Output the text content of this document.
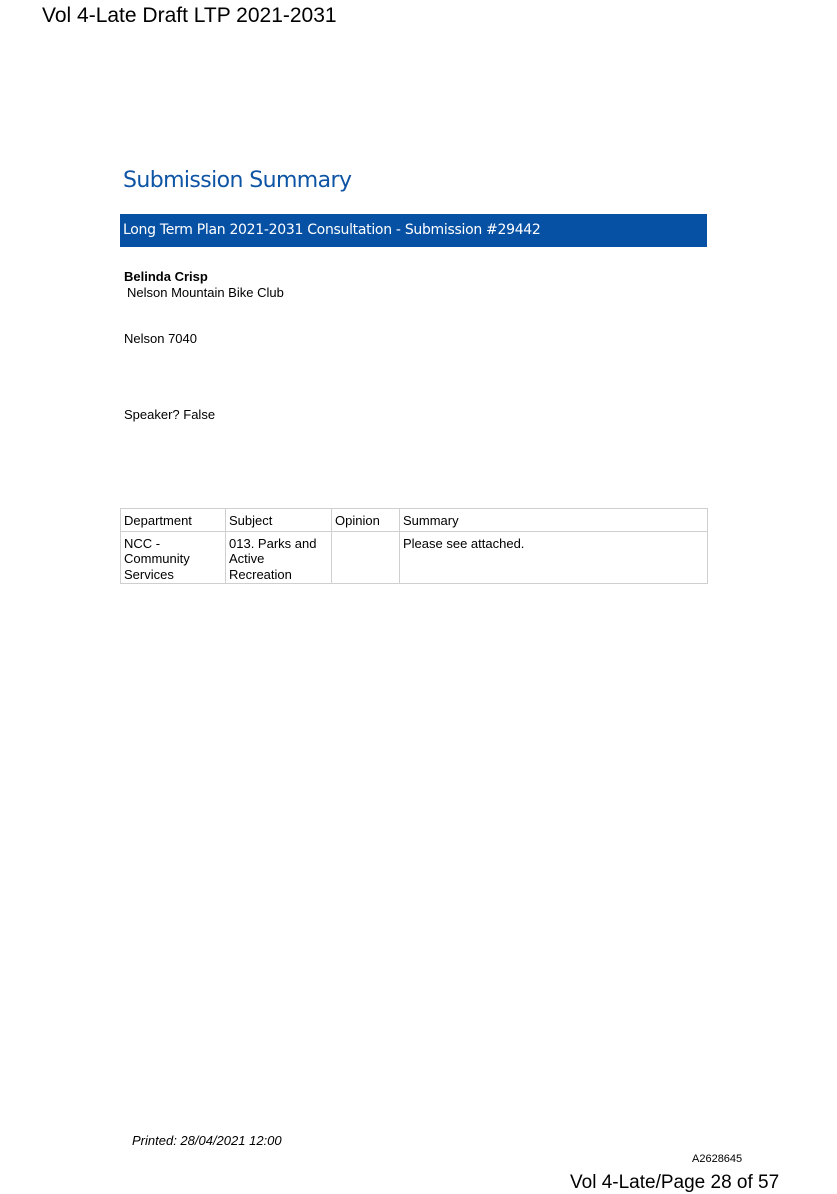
Vol 4-Late Draft LTP 2021-2031
Submission Summary
Long Term Plan 2021-2031 Consultation - Submission #29442
Belinda Crisp
Nelson Mountain Bike Club
Nelson 7040
Speaker? False
Department	Subject	Opinion	Summary
NCC - Community Services	013. Parks and Active Recreation		Please see attached.
Printed: 28/04/2021 12:00
A2628645
Vol 4-Late/Page 28 of 57
